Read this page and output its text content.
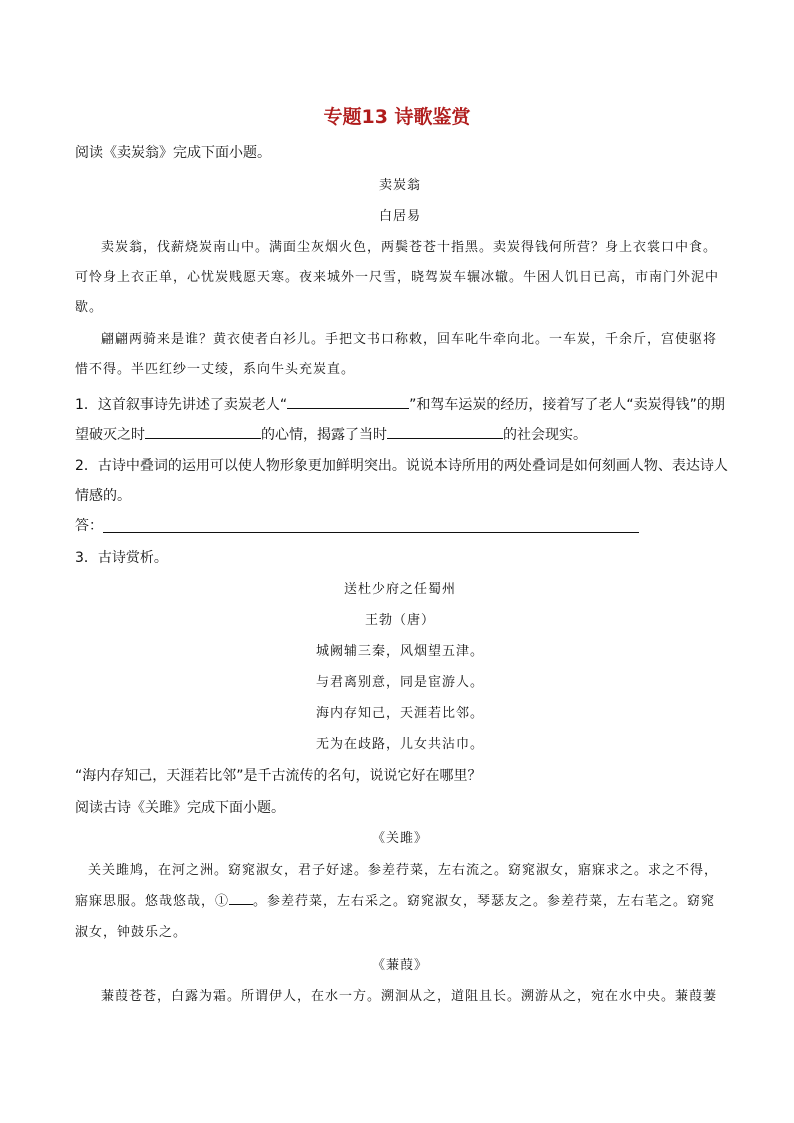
专题13 诗歌鉴赏
阅读《卖炭翁》完成下面小题。
卖炭翁
白居易
卖炭翁，伐薪烧炭南山中。满面尘灰烟火色，两鬓苍苍十指黑。卖炭得钱何所营？身上衣裳口中食。
可怜身上衣正单，心忧炭贱愿天寒。夜来城外一尺雪，晓驾炭车辗冰辙。牛困人饥日已高，市南门外泥中
歇。
翩翩两骑来是谁？黄衣使者白衫儿。手把文书口称敕，回车叱牛牵向北。一车炭，千余斤，宫使驱将
惜不得。半匹红纱一丈绫，系向牛头充炭直。
1．这首叙事诗先讲述了卖炭老人“	”和驾车运炭的经历，接着写了老人“卖炭得钱”的期
望破灭之时	的心情，揭露了当时	的社会现实。
2．古诗中叠词的运用可以使人物形象更加鲜明突出。说说本诗所用的两处叠词是如何刻画人物、表达诗人
情感的。
答：
3．古诗赏析。
送杜少府之任蜀州
王勃（唐）
城阙辅三秦，风烟望五津。
与君离别意，同是宦游人。
海内存知己，天涯若比邻。
无为在歧路，儿女共沾巾。
“海内存知己，天涯若比邻”是千古流传的名句，说说它好在哪里？
阅读古诗《关雎》完成下面小题。
《关雎》
关关雎鸠，在河之洲。窈窕淑女，君子好逑。参差荇菜，左右流之。窈窕淑女，寤寐求之。求之不得，
寤寐思服。悠哉悠哉，① 。参差荇菜，左右采之。窈窕淑女，琴瑟友之。参差荇菜，左右芼之。窈窕
淑女，钟鼓乐之。
《蒹葭》
蒹葭苍苍，白露为霜。所谓伊人，在水一方。溯洄从之，道阻且长。溯游从之，宛在水中央。蒹葭萋
